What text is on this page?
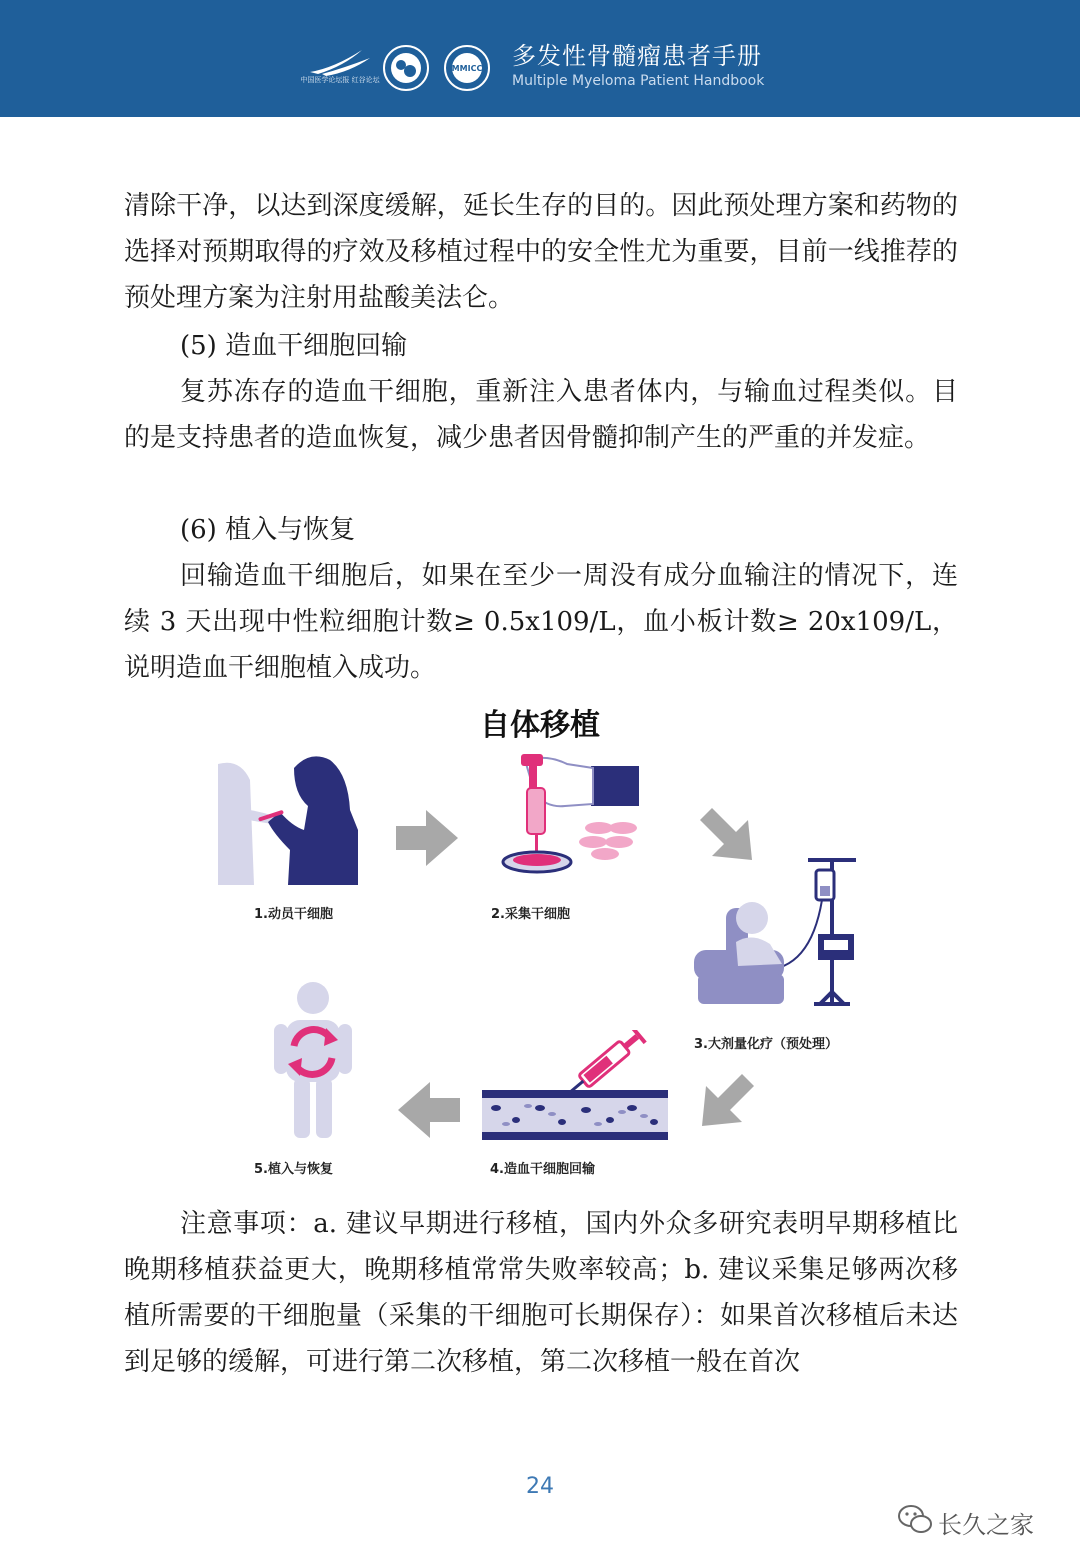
中国医学论坛报 红谷论坛
MMICC 多发性骨髓瘤患者手册
Multiple Myeloma Patient Handbook

清除干净，以达到深度缓解，延长生存的目的。因此预处理方案和药物的选择对预期取得的疗效及移植过程中的安全性尤为重要，目前一线推荐的预处理方案为注射用盐酸美法仑。

(5) 造血干细胞回输

复苏冻存的造血干细胞，重新注入患者体内，与输血过程类似。目的是支持患者的造血恢复，减少患者因骨髓抑制产生的严重的并发症。

(6) 植入与恢复

回输造血干细胞后，如果在至少一周没有成分血输注的情况下，连续 3 天出现中性粒细胞计数≥ 0.5x109/L，血小板计数≥ 20x109/L，说明造血干细胞植入成功。

自体移植
1.动员干细胞	2.采集干细胞
3.大剂量化疗（预处理）
4.造血干细胞回输
5.植入与恢复

注意事项：a. 建议早期进行移植，国内外众多研究表明早期移植比晚期移植获益更大，晚期移植常常失败率较高；b. 建议采集足够两次移植所需要的干细胞量（采集的干细胞可长期保存）：如果首次移植后未达到足够的缓解，可进行第二次移植，第二次移植一般在首次

24
长久之家
